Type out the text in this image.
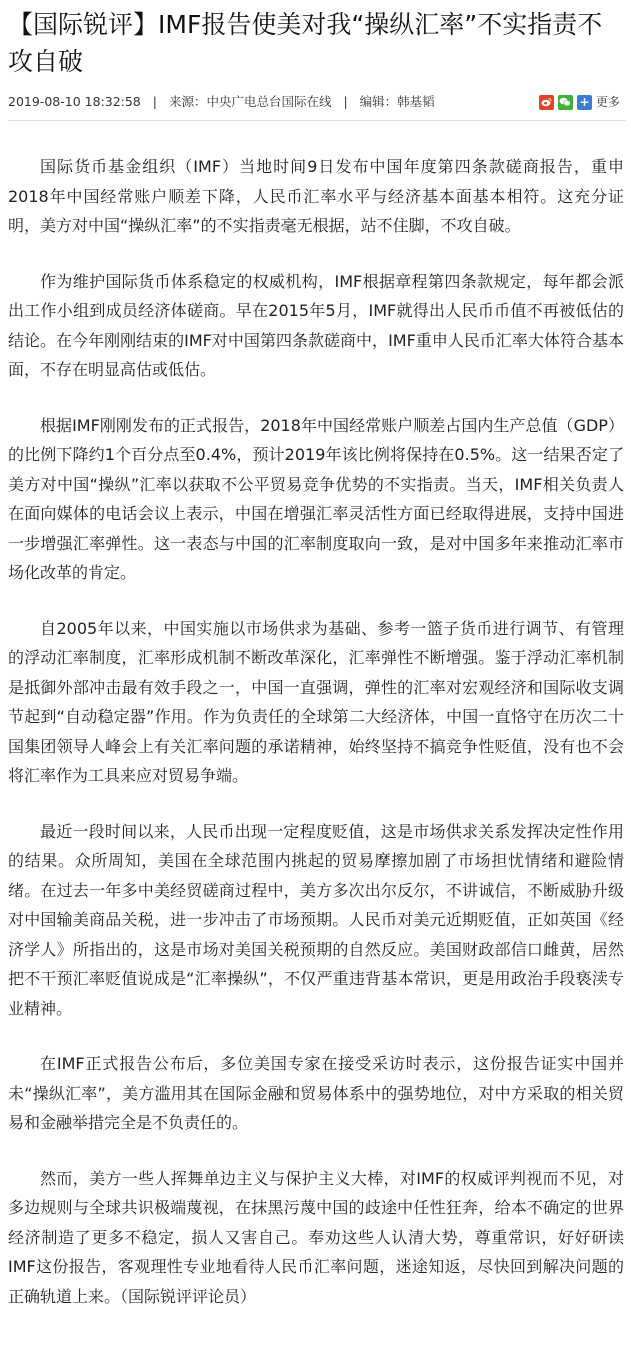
【国际锐评】IMF报告使美对我“操纵汇率”不实指责不攻自破
2019-08-10 18:32:58 | 来源：中央广电总台国际在线 | 编辑：韩基韬	+ 更多

国际货币基金组织（IMF）当地时间9日发布中国年度第四条款磋商报告，重申2018年中国经常账户顺差下降，人民币汇率水平与经济基本面基本相符。这充分证明，美方对中国“操纵汇率”的不实指责毫无根据，站不住脚，不攻自破。

作为维护国际货币体系稳定的权威机构，IMF根据章程第四条款规定，每年都会派出工作小组到成员经济体磋商。早在2015年5月，IMF就得出人民币币值不再被低估的结论。在今年刚刚结束的IMF对中国第四条款磋商中，IMF重申人民币汇率大体符合基本面，不存在明显高估或低估。

根据IMF刚刚发布的正式报告，2018年中国经常账户顺差占国内生产总值（GDP）的比例下降约1个百分点至0.4%，预计2019年该比例将保持在0.5%。这一结果否定了美方对中国“操纵”汇率以获取不公平贸易竞争优势的不实指责。当天，IMF相关负责人在面向媒体的电话会议上表示，中国在增强汇率灵活性方面已经取得进展，支持中国进一步增强汇率弹性。这一表态与中国的汇率制度取向一致，是对中国多年来推动汇率市场化改革的肯定。

自2005年以来，中国实施以市场供求为基础、参考一篮子货币进行调节、有管理的浮动汇率制度，汇率形成机制不断改革深化，汇率弹性不断增强。鉴于浮动汇率机制是抵御外部冲击最有效手段之一，中国一直强调，弹性的汇率对宏观经济和国际收支调节起到“自动稳定器”作用。作为负责任的全球第二大经济体，中国一直恪守在历次二十国集团领导人峰会上有关汇率问题的承诺精神，始终坚持不搞竞争性贬值，没有也不会将汇率作为工具来应对贸易争端。

最近一段时间以来，人民币出现一定程度贬值，这是市场供求关系发挥决定性作用的结果。众所周知，美国在全球范围内挑起的贸易摩擦加剧了市场担忧情绪和避险情绪。在过去一年多中美经贸磋商过程中，美方多次出尔反尔，不讲诚信，不断威胁升级对中国输美商品关税，进一步冲击了市场预期。人民币对美元近期贬值，正如英国《经济学人》所指出的，这是市场对美国关税预期的自然反应。美国财政部信口雌黄，居然把不干预汇率贬值说成是“汇率操纵”，不仅严重违背基本常识，更是用政治手段亵渎专业精神。

在IMF正式报告公布后，多位美国专家在接受采访时表示，这份报告证实中国并未“操纵汇率”，美方滥用其在国际金融和贸易体系中的强势地位，对中方采取的相关贸易和金融举措完全是不负责任的。

然而，美方一些人挥舞单边主义与保护主义大棒，对IMF的权威评判视而不见，对多边规则与全球共识极端蔑视，在抹黑污蔑中国的歧途中任性狂奔，给本不确定的世界经济制造了更多不稳定，损人又害自己。奉劝这些人认清大势，尊重常识，好好研读IMF这份报告，客观理性专业地看待人民币汇率问题，迷途知返，尽快回到解决问题的正确轨道上来。（国际锐评评论员）
